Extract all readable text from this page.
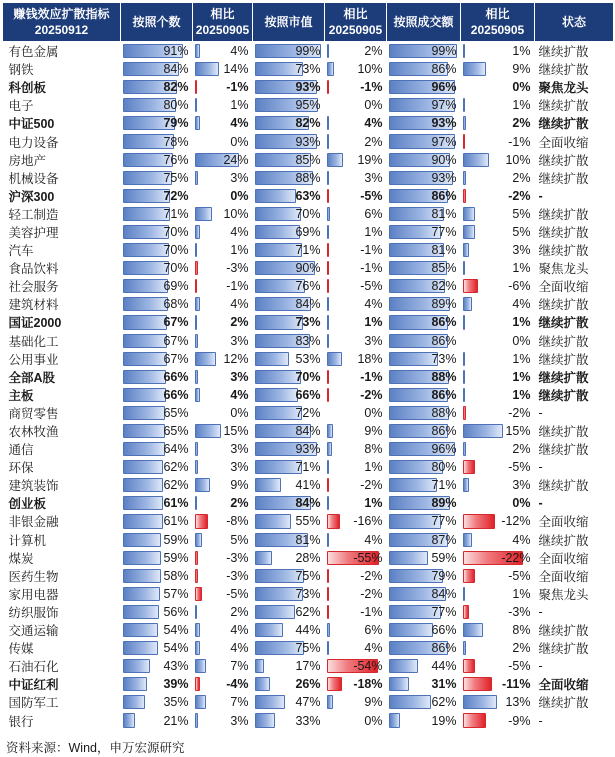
赚钱效应扩散指标 20250912	按照个数	相比 20250905	按照市值	相比 20250905	按照成交额	相比 20250905	状态
有色金属	91%	4%	99%	2%	99%	1%	继续扩散
钢铁	84%	14%	73%	10%	86%	9%	继续扩散
科创板	82%	-1%	93%	-1%	96%	0%	聚焦龙头
电子	80%	1%	95%	0%	97%	1%	继续扩散
中证500	79%	4%	82%	4%	93%	2%	继续扩散
电力设备	78%	0%	93%	2%	97%	-1%	全面收缩
房地产	76%	24%	85%	19%	90%	10%	继续扩散
机械设备	75%	3%	88%	3%	93%	2%	继续扩散
沪深300	72%	0%	63%	-5%	86%	-2%	-
轻工制造	71%	10%	70%	6%	81%	5%	继续扩散
美容护理	70%	4%	69%	1%	77%	5%	继续扩散
汽车	70%	1%	71%	-1%	81%	3%	继续扩散
食品饮料	70%	-3%	90%	-1%	85%	1%	聚焦龙头
社会服务	69%	-1%	76%	-5%	82%	-6%	全面收缩
建筑材料	68%	4%	84%	4%	89%	4%	继续扩散
国证2000	67%	2%	73%	1%	86%	1%	继续扩散
基础化工	67%	3%	83%	3%	86%	0%	继续扩散
公用事业	67%	12%	53%	18%	73%	1%	继续扩散
全部A股	66%	3%	70%	-1%	88%	1%	继续扩散
主板	66%	4%	66%	-2%	86%	1%	继续扩散
商贸零售	65%	0%	72%	0%	88%	-2%	-
农林牧渔	65%	15%	84%	9%	86%	15%	继续扩散
通信	64%	3%	93%	8%	96%	2%	继续扩散
环保	62%	3%	71%	1%	80%	-5%	-
建筑装饰	62%	9%	41%	-2%	71%	3%	继续扩散
创业板	61%	2%	84%	1%	89%	0%	-
非银金融	61%	-8%	55%	-16%	77%	-12%	全面收缩
计算机	59%	5%	81%	4%	87%	4%	继续扩散
煤炭	59%	-3%	28%	-55%	59%	-22%	全面收缩
医药生物	58%	-3%	75%	-2%	79%	-5%	全面收缩
家用电器	57%	-5%	73%	-2%	84%	1%	聚焦龙头
纺织服饰	56%	2%	62%	-1%	77%	-3%	-
交通运输	54%	4%	44%	6%	66%	8%	继续扩散
传媒	54%	4%	75%	4%	86%	2%	继续扩散
石油石化	43%	7%	17%	-54%	44%	-5%	-
中证红利	39%	-4%	26%	-18%	31%	-11%	全面收缩
国防军工	35%	7%	47%	9%	62%	13%	继续扩散
银行	21%	3%	33%	0%	19%	-9%	-
资料来源：Wind，申万宏源研究
